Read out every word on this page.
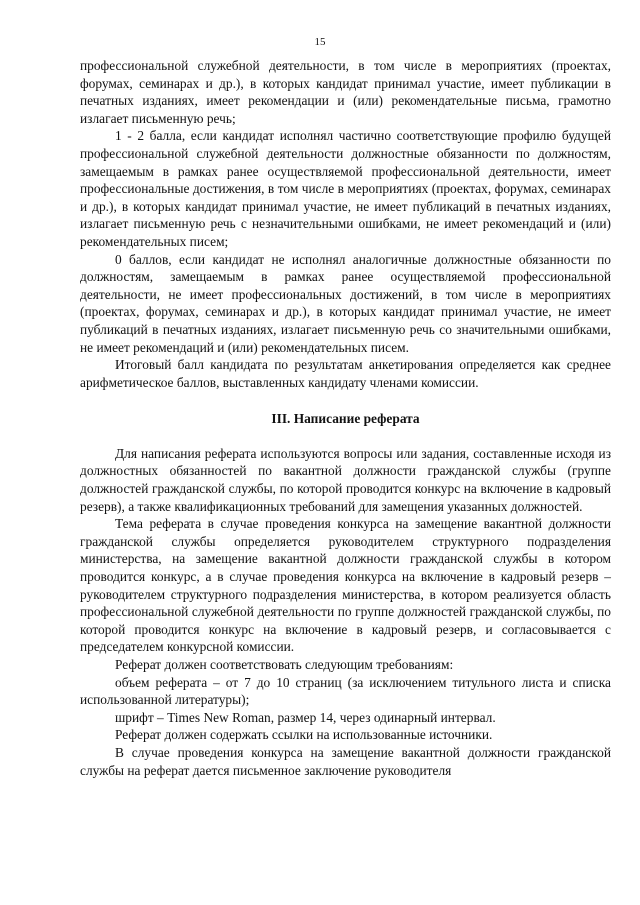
15

профессиональной служебной деятельности, в том числе в мероприятиях (проектах, форумах, семинарах и др.), в которых кандидат принимал участие, имеет публикации в печатных изданиях, имеет рекомендации и (или) рекомендательные письма, грамотно излагает письменную речь;

1 - 2 балла, если кандидат исполнял частично соответствующие профилю будущей профессиональной служебной деятельности должностные обязанности по должностям, замещаемым в рамках ранее осуществляемой профессиональной деятельности, имеет профессиональные достижения, в том числе в мероприятиях (проектах, форумах, семинарах и др.), в которых кандидат принимал участие, не имеет публикаций в печатных изданиях, излагает письменную речь с незначительными ошибками, не имеет рекомендаций и (или) рекомендательных писем;

0 баллов, если кандидат не исполнял аналогичные должностные обязанности по должностям, замещаемым в рамках ранее осуществляемой профессиональной деятельности, не имеет профессиональных достижений, в том числе в мероприятиях (проектах, форумах, семинарах и др.), в которых кандидат принимал участие, не имеет публикаций в печатных изданиях, излагает письменную речь со значительными ошибками, не имеет рекомендаций и (или) рекомендательных писем.

Итоговый балл кандидата по результатам анкетирования определяется как среднее арифметическое баллов, выставленных кандидату членами комиссии.

III. Написание реферата

Для написания реферата используются вопросы или задания, составленные исходя из должностных обязанностей по вакантной должности гражданской службы (группе должностей гражданской службы, по которой проводится конкурс на включение в кадровый резерв), а также квалификационных требований для замещения указанных должностей.

Тема реферата в случае проведения конкурса на замещение вакантной должности гражданской службы определяется руководителем структурного подразделения министерства, на замещение вакантной должности гражданской службы в котором проводится конкурс, а в случае проведения конкурса на включение в кадровый резерв – руководителем структурного подразделения министерства, в котором реализуется область профессиональной служебной деятельности по группе должностей гражданской службы, по которой проводится конкурс на включение в кадровый резерв, и согласовывается с председателем конкурсной комиссии.

Реферат должен соответствовать следующим требованиям:

объем реферата – от 7 до 10 страниц (за исключением титульного листа и списка использованной литературы);

шрифт – Times New Roman, размер 14, через одинарный интервал.

Реферат должен содержать ссылки на использованные источники.

В случае проведения конкурса на замещение вакантной должности гражданской службы на реферат дается письменное заключение руководителя
